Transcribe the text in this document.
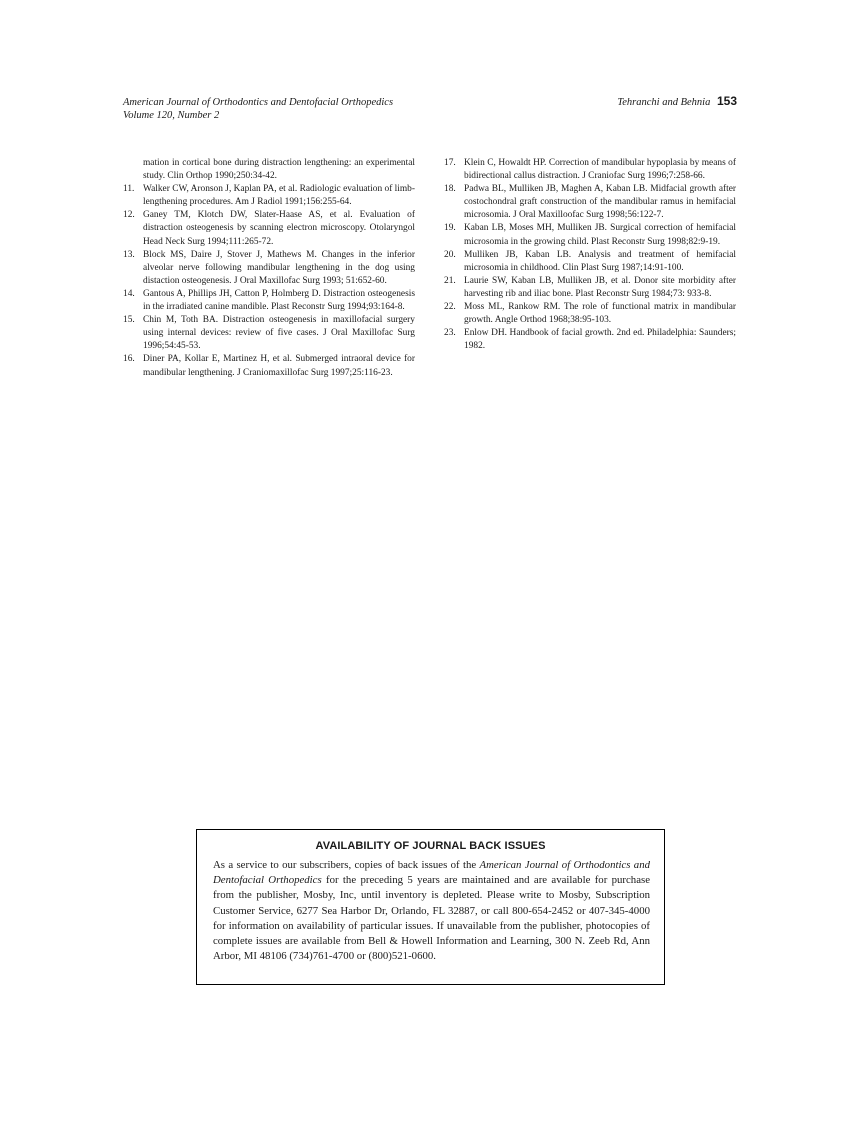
American Journal of Orthodontics and Dentofacial Orthopedics
Volume 120, Number 2
Tehranchi and Behnia 153
mation in cortical bone during distraction lengthening: an experimental study. Clin Orthop 1990;250:34-42.
11. Walker CW, Aronson J, Kaplan PA, et al. Radiologic evaluation of limb-lengthening procedures. Am J Radiol 1991;156:255-64.
12. Ganey TM, Klotch DW, Slater-Haase AS, et al. Evaluation of distraction osteogenesis by scanning electron microscopy. Otolaryngol Head Neck Surg 1994;111:265-72.
13. Block MS, Daire J, Stover J, Mathews M. Changes in the inferior alveolar nerve following mandibular lengthening in the dog using distaction osteogenesis. J Oral Maxillofac Surg 1993; 51:652-60.
14. Gantous A, Phillips JH, Catton P, Holmberg D. Distraction osteogenesis in the irradiated canine mandible. Plast Reconstr Surg 1994;93:164-8.
15. Chin M, Toth BA. Distraction osteogenesis in maxillofacial surgery using internal devices: review of five cases. J Oral Maxillofac Surg 1996;54:45-53.
16. Diner PA, Kollar E, Martinez H, et al. Submerged intraoral device for mandibular lengthening. J Craniomaxillofac Surg 1997;25:116-23.
17. Klein C, Howaldt HP. Correction of mandibular hypoplasia by means of bidirectional callus distraction. J Craniofac Surg 1996;7:258-66.
18. Padwa BL, Mulliken JB, Maghen A, Kaban LB. Midfacial growth after costochondral graft construction of the mandibular ramus in hemifacial microsomia. J Oral Maxilloofac Surg 1998;56:122-7.
19. Kaban LB, Moses MH, Mulliken JB. Surgical correction of hemifacial microsomia in the growing child. Plast Reconstr Surg 1998;82:9-19.
20. Mulliken JB, Kaban LB. Analysis and treatment of hemifacial microsomia in childhood. Clin Plast Surg 1987;14:91-100.
21. Laurie SW, Kaban LB, Mulliken JB, et al. Donor site morbidity after harvesting rib and iliac bone. Plast Reconstr Surg 1984;73: 933-8.
22. Moss ML, Rankow RM. The role of functional matrix in mandibular growth. Angle Orthod 1968;38:95-103.
23. Enlow DH. Handbook of facial growth. 2nd ed. Philadelphia: Saunders; 1982.
AVAILABILITY OF JOURNAL BACK ISSUES
As a service to our subscribers, copies of back issues of the American Journal of Orthodontics and Dentofacial Orthopedics for the preceding 5 years are maintained and are available for purchase from the publisher, Mosby, Inc, until inventory is depleted. Please write to Mosby, Subscription Customer Service, 6277 Sea Harbor Dr, Orlando, FL 32887, or call 800-654-2452 or 407-345-4000 for information on availability of particular issues. If unavailable from the publisher, photocopies of complete issues are available from Bell & Howell Information and Learning, 300 N. Zeeb Rd, Ann Arbor, MI 48106 (734)761-4700 or (800)521-0600.
